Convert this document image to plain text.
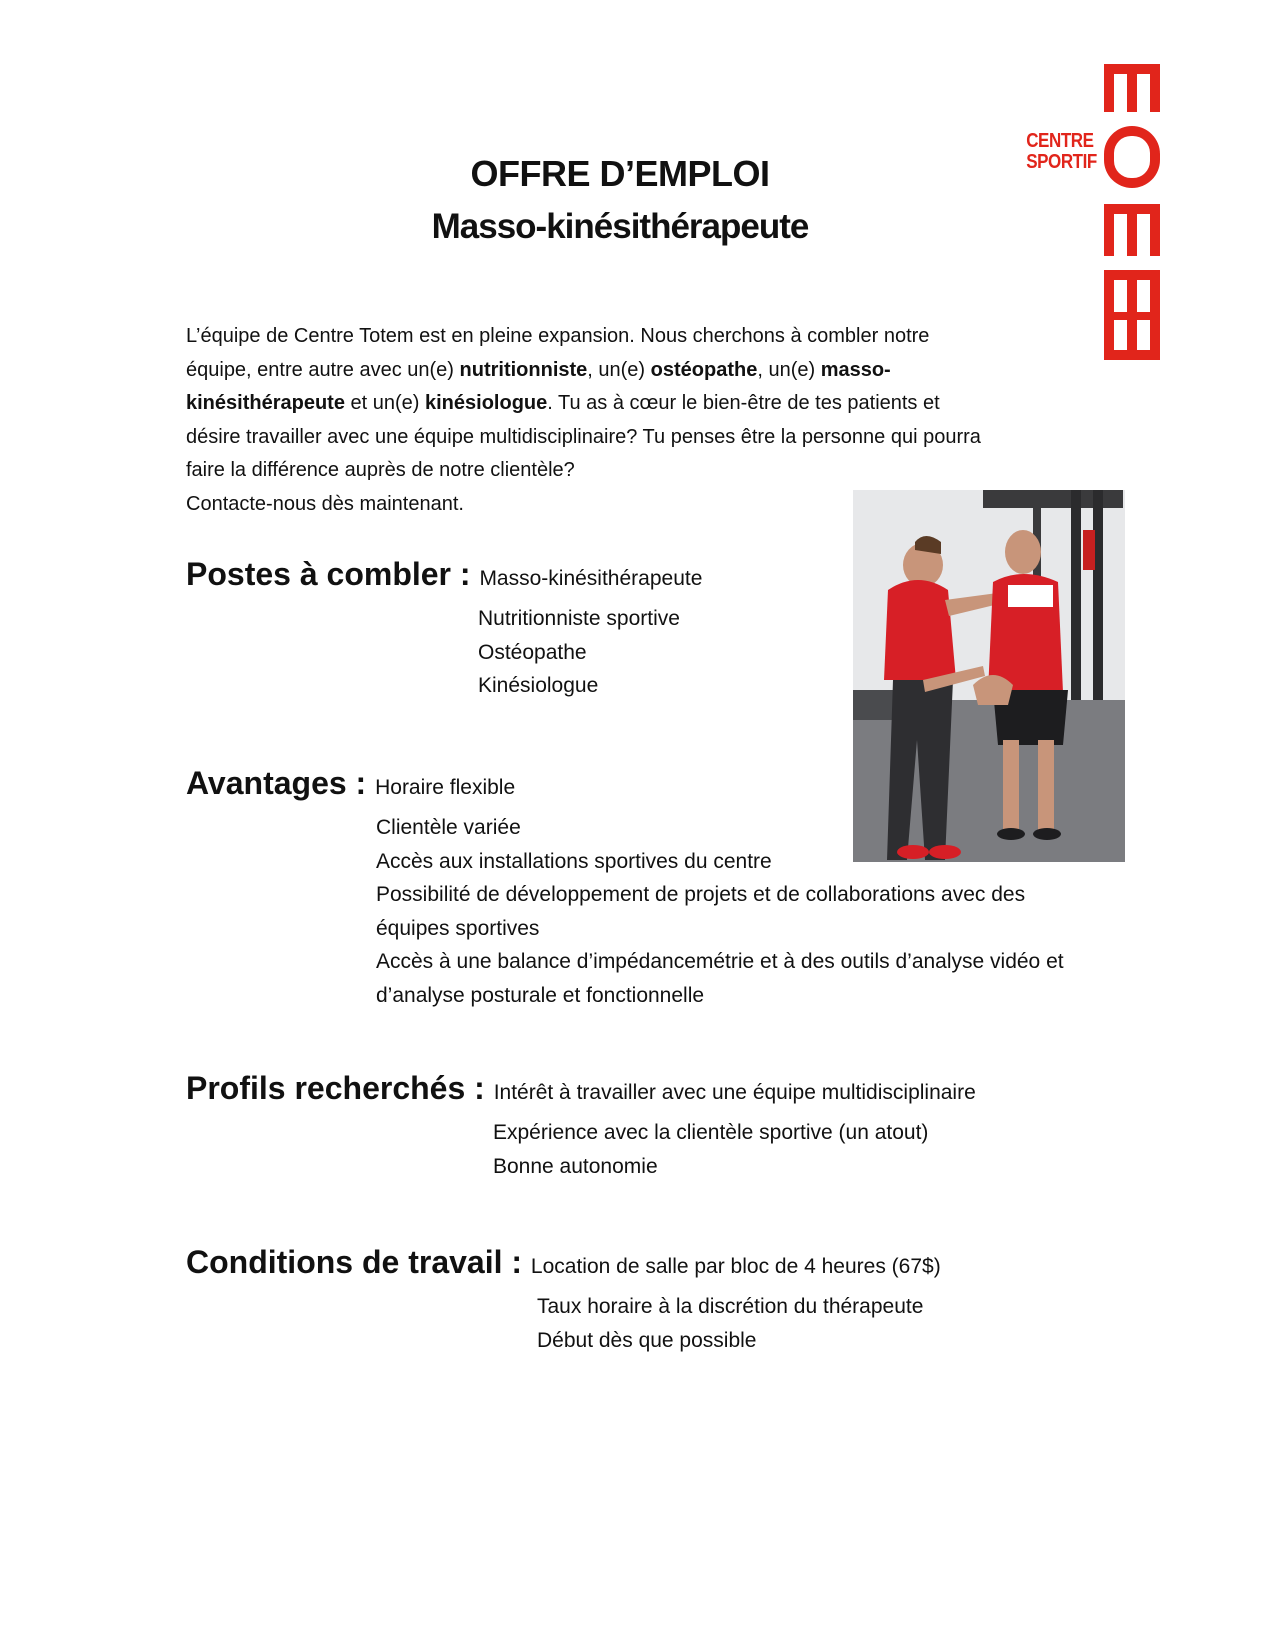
CENTRE
SPORTIF
OFFRE D’EMPLOI
Masso-kinésithérapeute
L’équipe de Centre Totem est en pleine expansion. Nous cherchons à combler notre équipe, entre autre avec un(e) nutritionniste, un(e) ostéopathe, un(e) masso-kinésithérapeute et un(e) kinésiologue. Tu as à cœur le bien-être de tes patients et désire travailler avec une équipe multidisciplinaire? Tu penses être la personne qui pourra faire la différence auprès de notre clientèle?
Contacte-nous dès maintenant.
Postes à combler : Masso-kinésithérapeute
Nutritionniste sportive
Ostéopathe
Kinésiologue
Avantages : Horaire flexible
Clientèle variée
Accès aux installations sportives du centre
Possibilité de développement de projets et de collaborations avec des équipes sportives
Accès à une balance d’impédancemétrie et à des outils d’analyse vidéo et d’analyse posturale et fonctionnelle
Profils recherchés : Intérêt à travailler avec une équipe multidisciplinaire
Expérience avec la clientèle sportive (un atout)
Bonne autonomie
Conditions de travail : Location de salle par bloc de 4 heures (67$)
Taux horaire à la discrétion du thérapeute
Début dès que possible
